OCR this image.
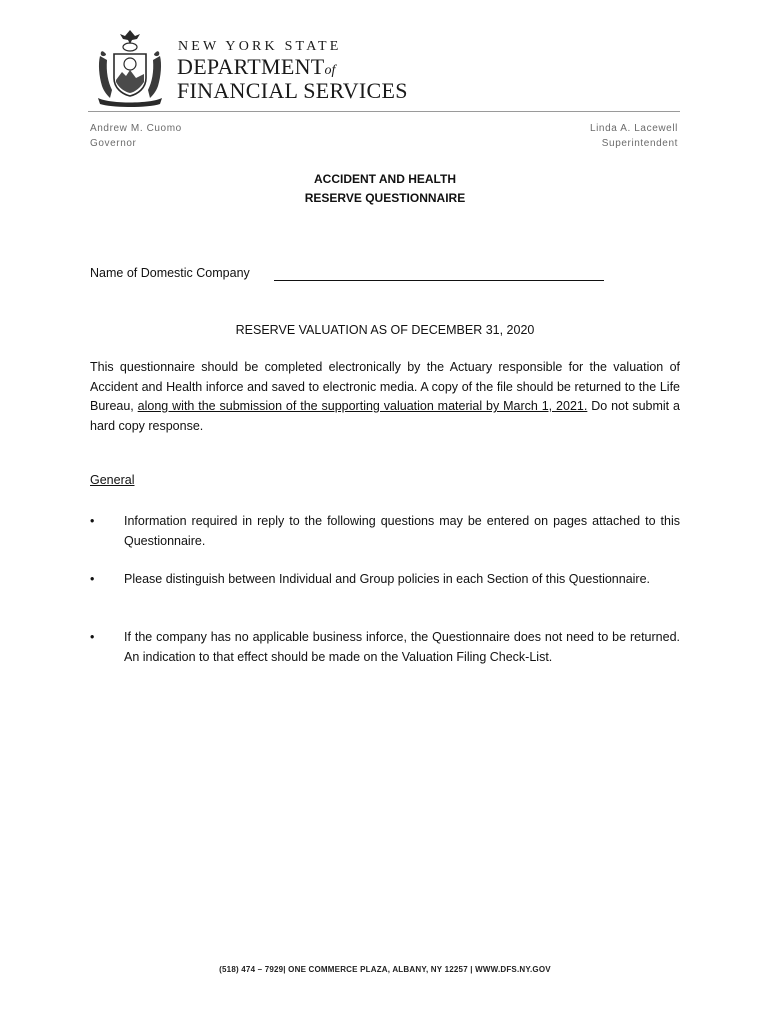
NEW YORK STATE
DEPARTMENTof
FINANCIAL SERVICES
Andrew M. Cuomo
Governor
Linda A. Lacewell
Superintendent
ACCIDENT AND HEALTH
RESERVE QUESTIONNAIRE
Name of Domestic Company
RESERVE VALUATION AS OF DECEMBER 31, 2020
This questionnaire should be completed electronically by the Actuary responsible for the valuation of Accident and Health inforce and saved to electronic media. A copy of the file should be returned to the Life Bureau, along with the submission of the supporting valuation material by March 1, 2021. Do not submit a hard copy response.
General
•	Information required in reply to the following questions may be entered on pages attached to this Questionnaire.
•	Please distinguish between Individual and Group policies in each Section of this Questionnaire.
•	If the company has no applicable business inforce, the Questionnaire does not need to be returned. An indication to that effect should be made on the Valuation Filing Check-List.
(518) 474 – 7929| ONE COMMERCE PLAZA, ALBANY, NY 12257 | WWW.DFS.NY.GOV
